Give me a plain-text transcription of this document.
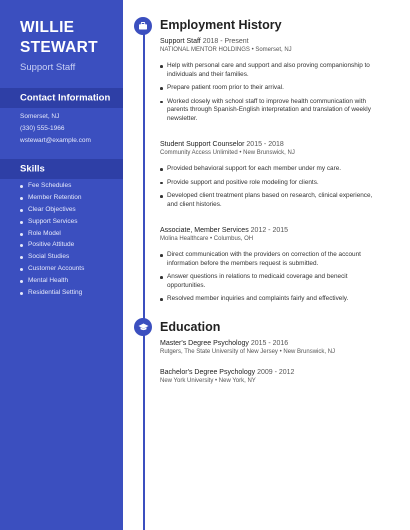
WILLIE STEWART
Support Staff
Contact Information
Somerset, NJ
(330) 555-1966
wstewart@example.com
Skills
Fee Schedules
Member Retention
Clear Objectives
Support Services
Role Model
Positive Attitude
Social Studies
Customer Accounts
Mental Health
Residential Setting
Employment History
Support Staff 2018 - Present
NATIONAL MENTOR HOLDINGS • Somerset, NJ
Help with personal care and support and also proving companionship to individuals and their families.
Prepare patient room prior to their arrival.
Worked closely with school staff to improve health communication with parents through Spanish-English interpretation and translation of weekly newsletter.
Student Support Counselor 2015 - 2018
Community Access Unlimited • New Brunswick, NJ
Provided behavioral support for each member under my care.
Provide support and positive role modeling for clients.
Developed client treatment plans based on research, clinical experience, and client histories.
Associate, Member Services 2012 - 2015
Molina Healthcare • Columbus, OH
Direct communication with the providers on correction of the account information before the members request is submitted.
Answer questions in relations to medicaid coverage and benecit opportunities.
Resolved member inquiries and complaints fairly and effectively.
Education
Master's Degree Psychology 2015 - 2016
Rutgers, The State University of New Jersey • New Brunswick, NJ
Bachelor's Degree Psychology 2009 - 2012
New York University • New York, NY
